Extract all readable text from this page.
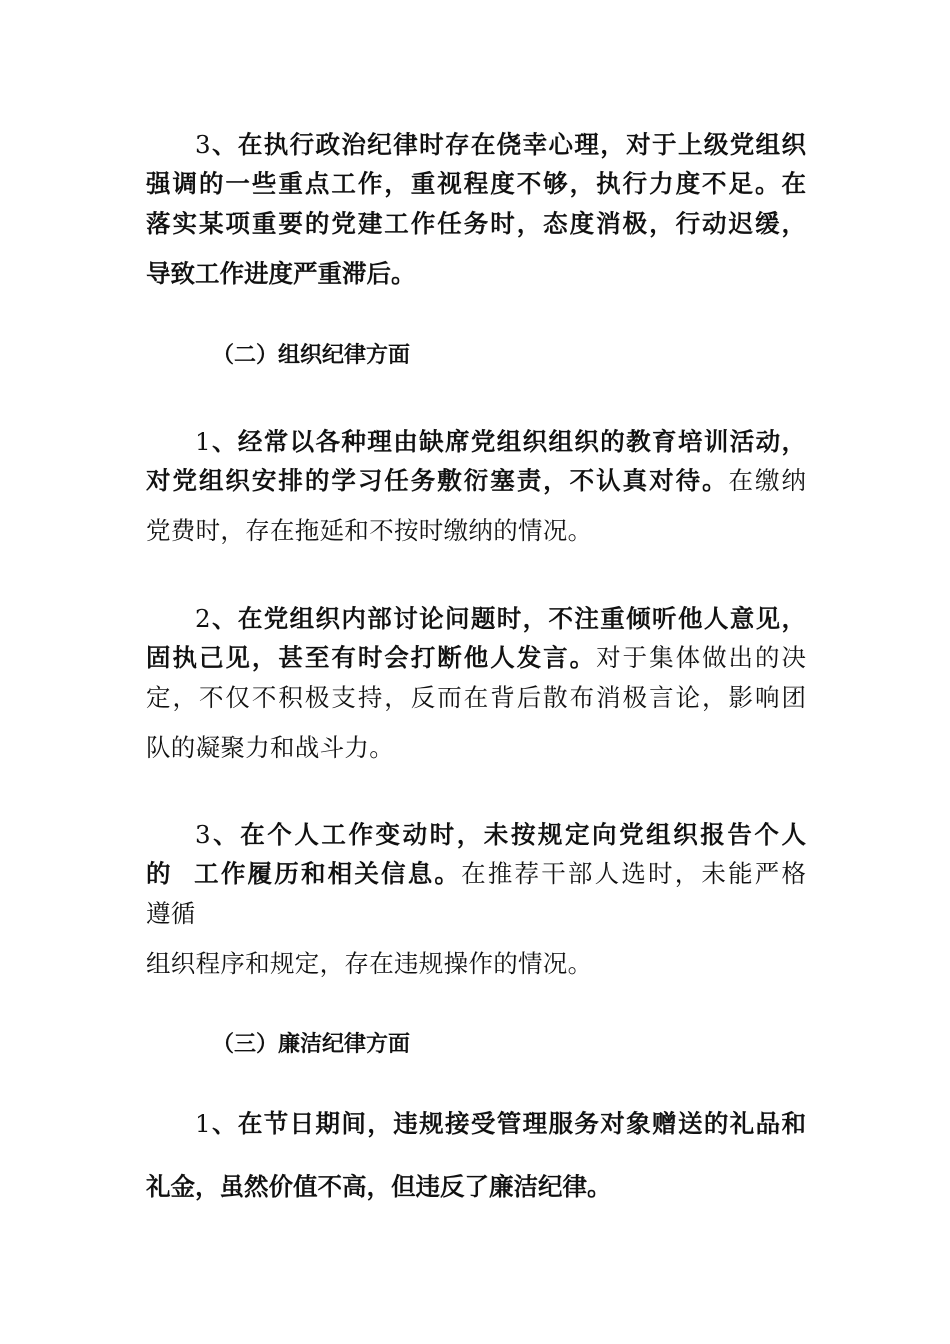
3、在执行政治纪律时存在侥幸心理，对于上级党组织
强调的一些重点工作，重视程度不够，执行力度不足。在
落实某项重要的党建工作任务时，态度消极，行动迟缓，
导致工作进度严重滞后。
（二）组织纪律方面
1、经常以各种理由缺席党组织组织的教育培训活动，
对党组织安排的学习任务敷衍塞责，不认真对待。在缴纳
党费时，存在拖延和不按时缴纳的情况。
2、在党组织内部讨论问题时，不注重倾听他人意见，
固执己见，甚至有时会打断他人发言。对于集体做出的决
定，不仅不积极支持，反而在背后散布消极言论，影响团
队的凝聚力和战斗力。
3、在个人工作变动时，未按规定向党组织报告个人
的  工作履历和相关信息。在推荐干部人选时，未能严格
遵循
组织程序和规定，存在违规操作的情况。
（三）廉洁纪律方面
1、在节日期间，违规接受管理服务对象赠送的礼品和
礼金，虽然价值不高，但违反了廉洁纪律。
